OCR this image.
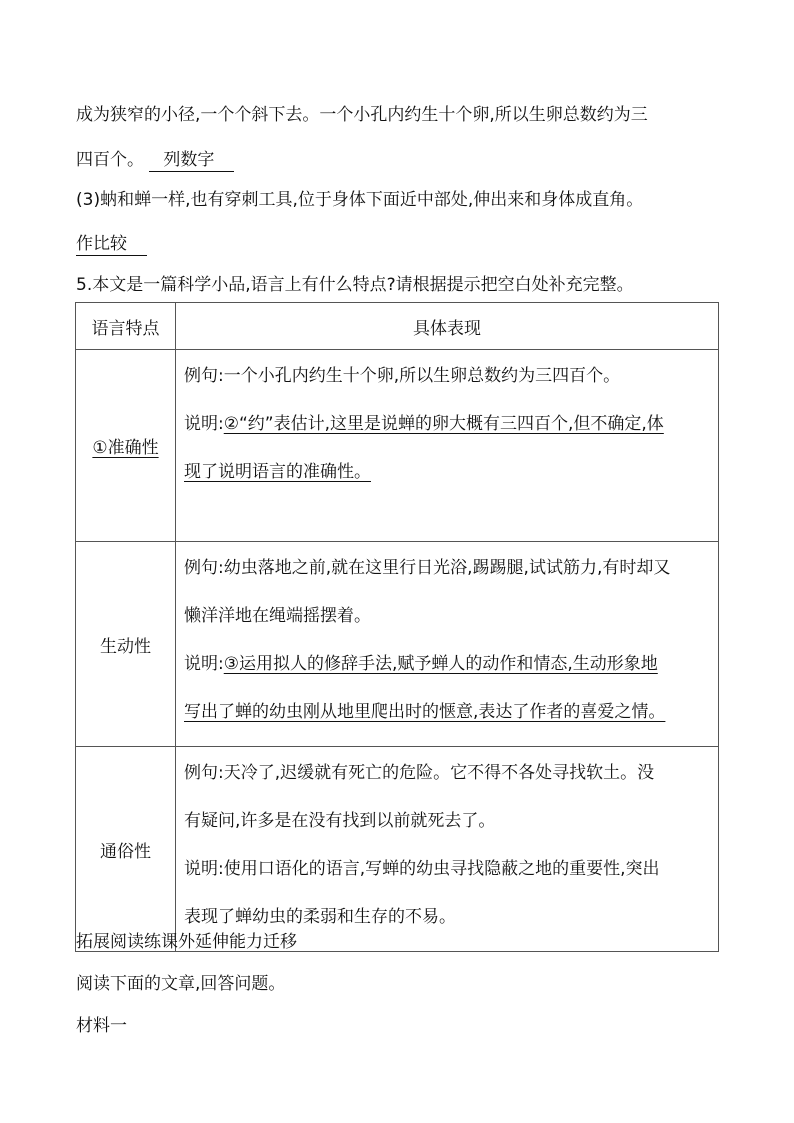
成为狭窄的小径,一个个斜下去。一个小孔内约生十个卵,所以生卵总数约为三
四百个。 列数字
(3)蚋和蝉一样,也有穿刺工具,位于身体下面近中部处,伸出来和身体成直角。
作比较
5.本文是一篇科学小品,语言上有什么特点?请根据提示把空白处补充完整。
语言特点	具体表现
①准确性	例句:一个小孔内约生十个卵,所以生卵总数约为三四百个。

说明:②“约”表估计,这里是说蝉的卵大概有三四百个,但不确定,体

现了说明语言的准确性。

生动性	例句:幼虫落地之前,就在这里行日光浴,踢踢腿,试试筋力,有时却又

懒洋洋地在绳端摇摆着。

说明:③运用拟人的修辞手法,赋予蝉人的动作和情态,生动形象地

写出了蝉的幼虫刚从地里爬出时的惬意,表达了作者的喜爱之情。

通俗性	例句:天冷了,迟缓就有死亡的危险。它不得不各处寻找软土。没

有疑问,许多是在没有找到以前就死去了。

说明:使用口语化的语言,写蝉的幼虫寻找隐蔽之地的重要性,突出

表现了蝉幼虫的柔弱和生存的不易。

拓展阅读练课外延伸能力迁移
阅读下面的文章,回答问题。
材料一
